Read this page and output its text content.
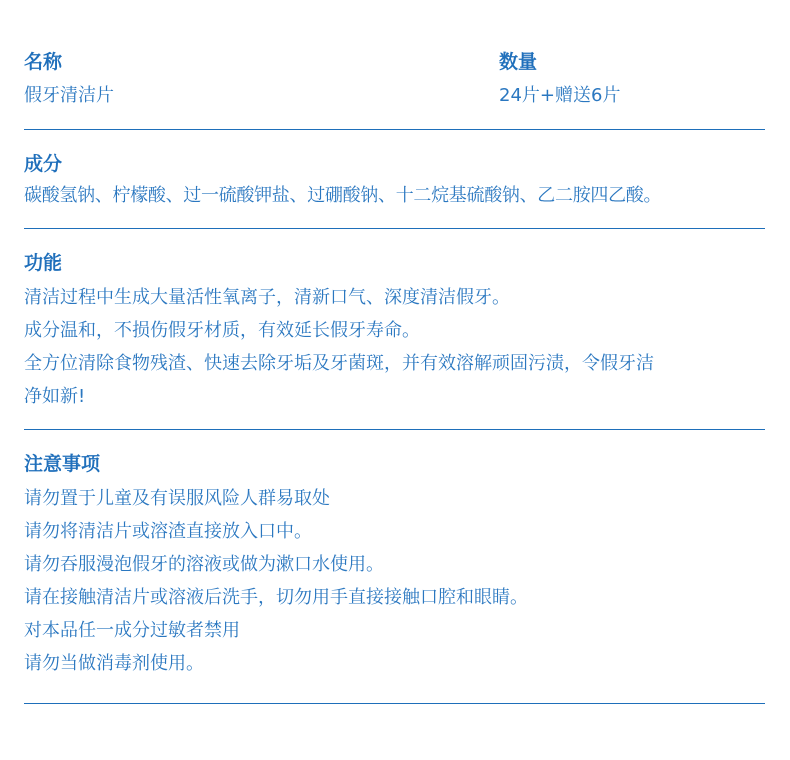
名称
假牙清洁片
数量
24片+赠送6片
成分
碳酸氢钠、柠檬酸、过一硫酸钾盐、过硼酸钠、十二烷基硫酸钠、乙二胺四乙酸。
功能
清洁过程中生成大量活性氧离子，清新口气、深度清洁假牙。
成分温和，不损伤假牙材质，有效延长假牙寿命。
全方位清除食物残渣、快速去除牙垢及牙菌斑，并有效溶解顽固污渍，令假牙洁
净如新!
注意事项
请勿置于儿童及有误服风险人群易取处
请勿将清洁片或溶渣直接放入口中。
请勿吞服漫泡假牙的溶液或做为漱口水使用。
请在接触清洁片或溶液后洗手，切勿用手直接接触口腔和眼睛。
对本品任一成分过敏者禁用
请勿当做消毒剂使用。
